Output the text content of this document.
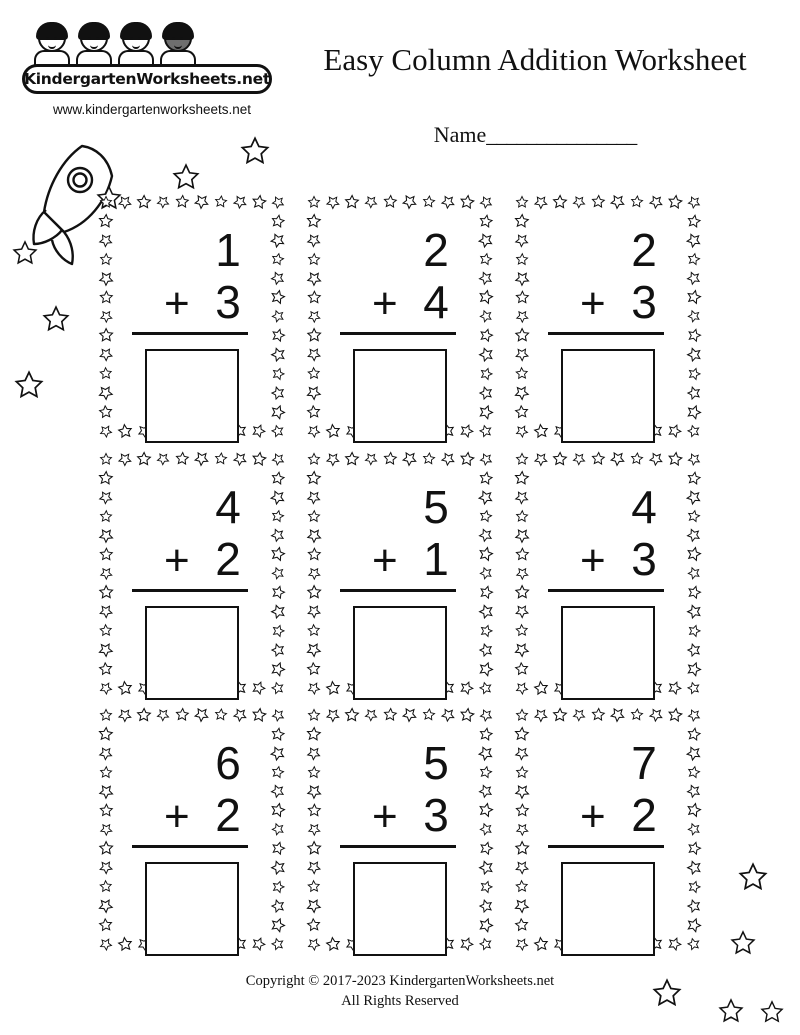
KindergartenWorksheets.net
www.kindergartenworksheets.net
Easy Column Addition Worksheet
Name_______________
1
+ 3
2
+ 4
2
+ 3
4
+ 2
5
+ 1
4
+ 3
6
+ 2
5
+ 3
7
+ 2
Copyright © 2017-2023 KindergartenWorksheets.net
All Rights Reserved
